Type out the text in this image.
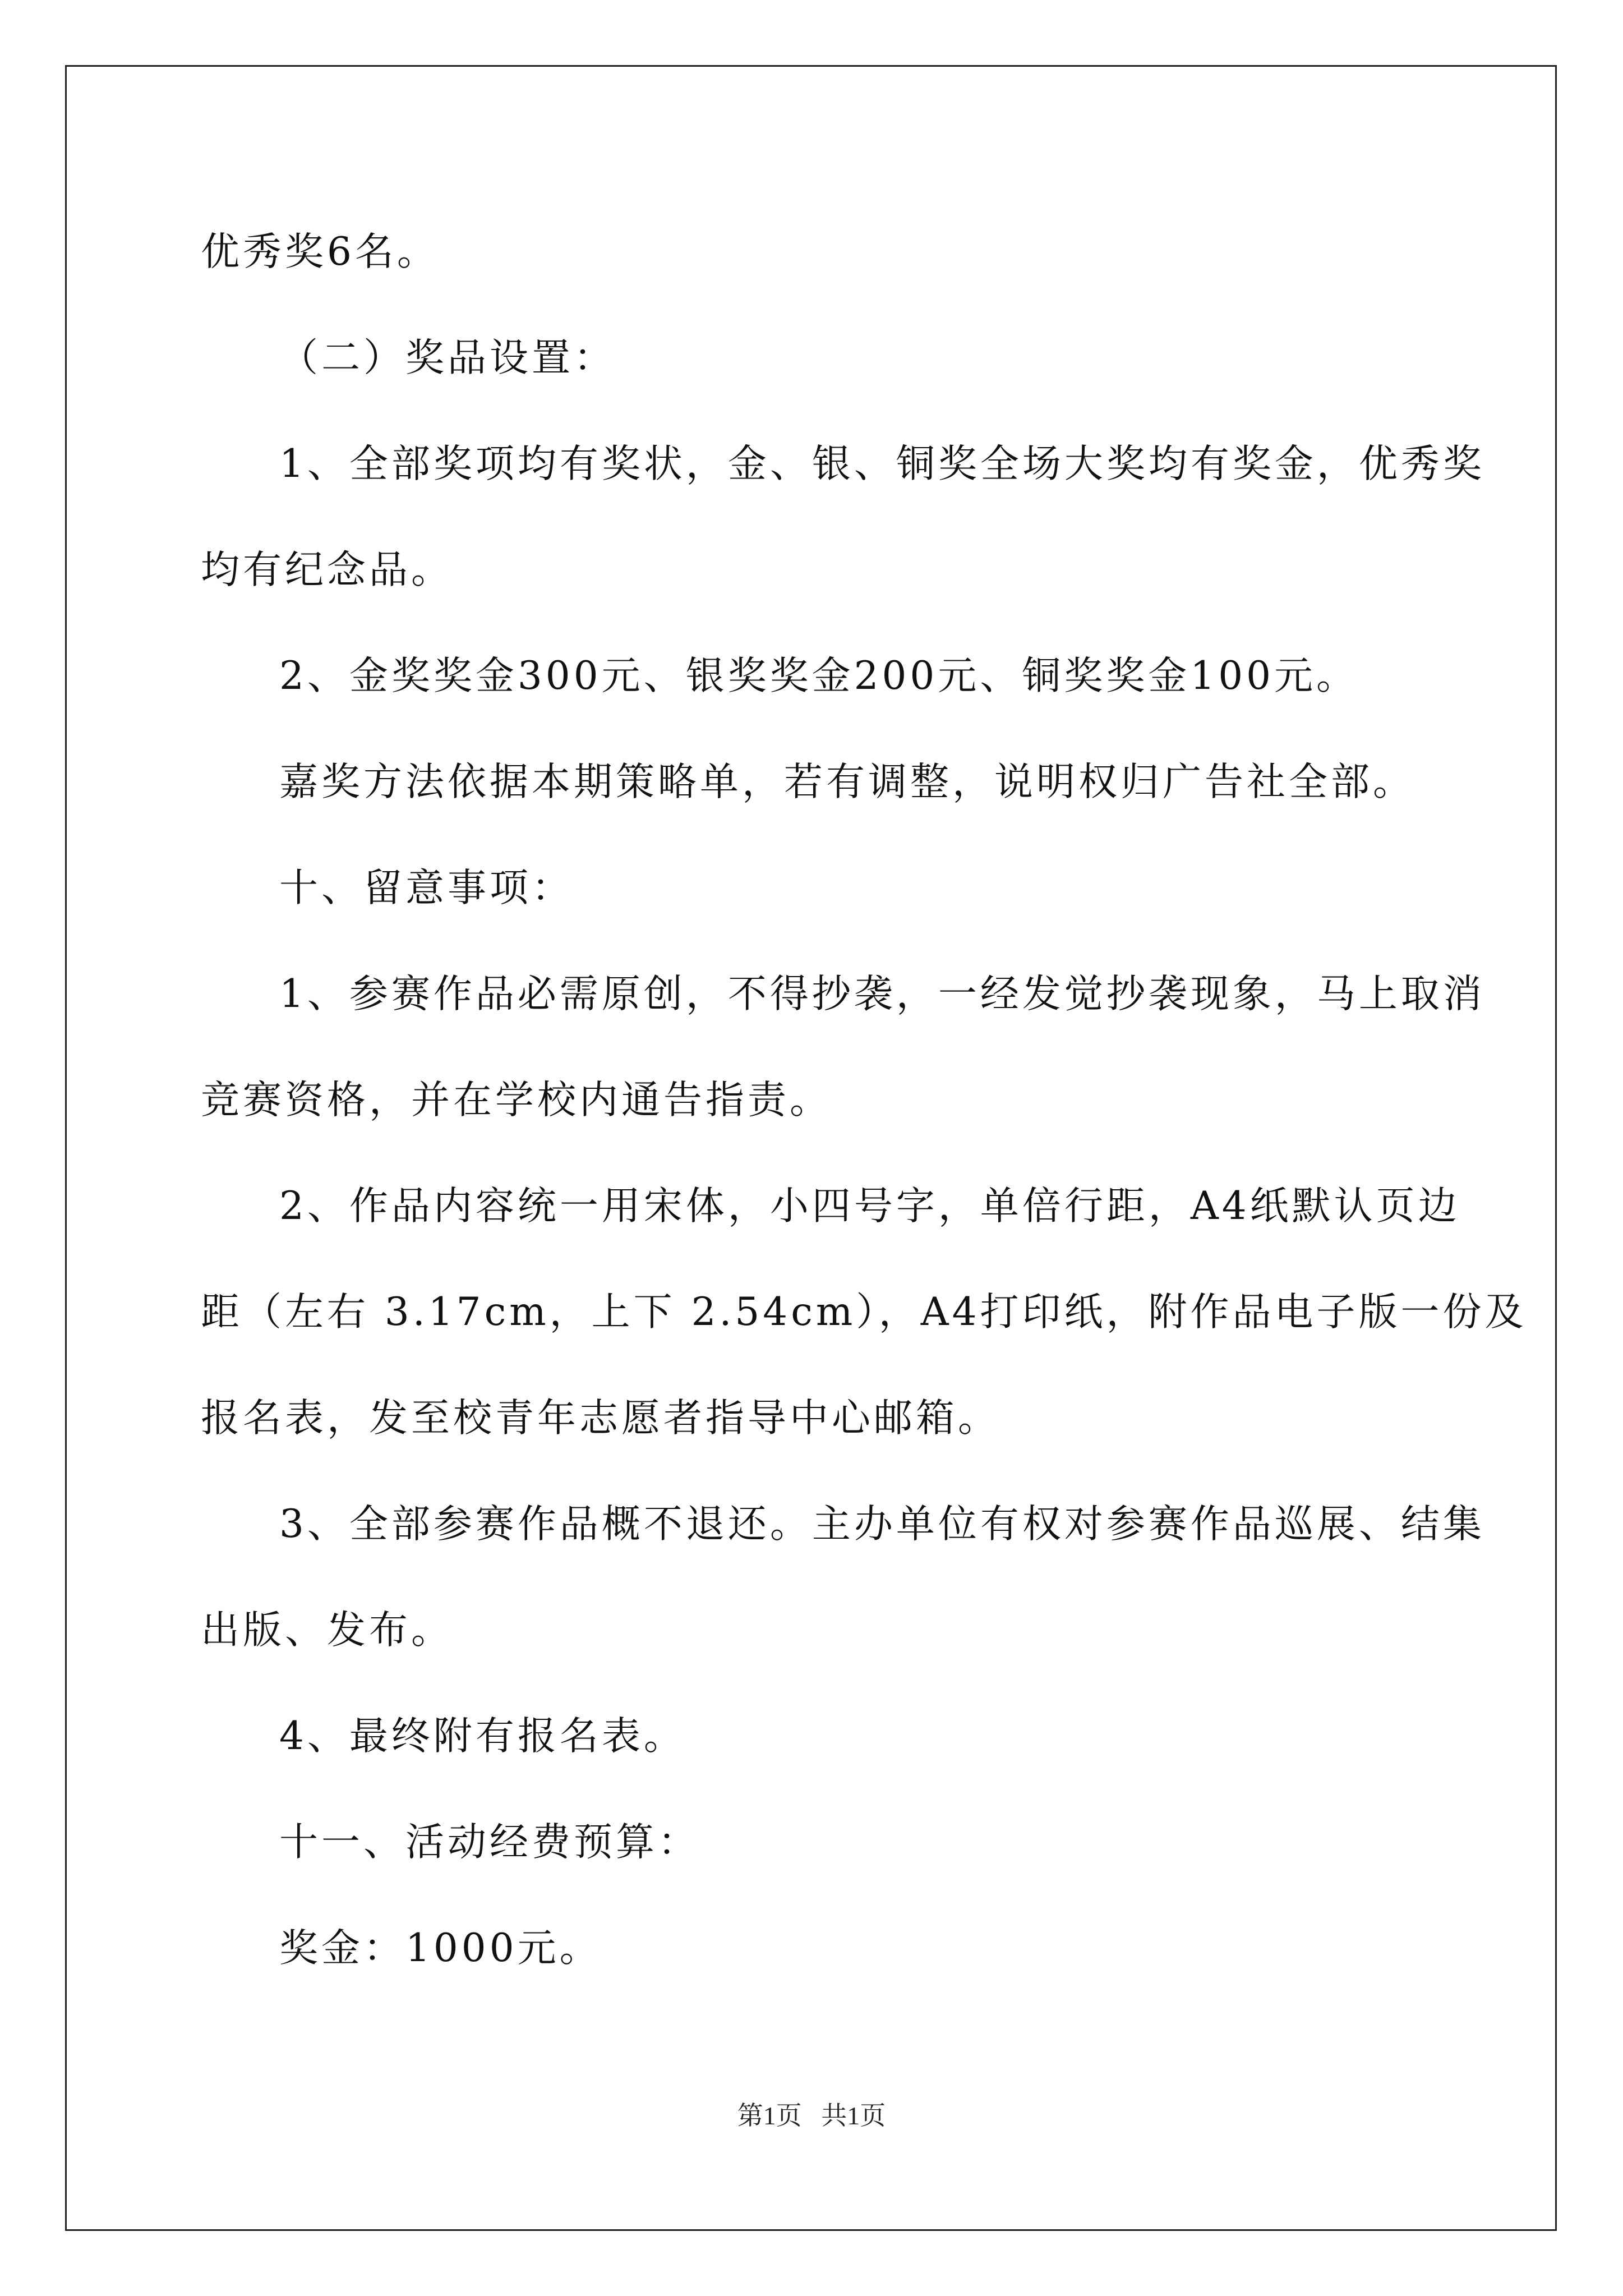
优秀奖6名。
（二）奖品设置：
1、全部奖项均有奖状，金、银、铜奖全场大奖均有奖金，优秀奖
均有纪念品。
2、金奖奖金300元、银奖奖金200元、铜奖奖金100元。
嘉奖方法依据本期策略单，若有调整，说明权归广告社全部。
十、留意事项：
1、参赛作品必需原创，不得抄袭，一经发觉抄袭现象，马上取消
竞赛资格，并在学校内通告指责。
2、作品内容统一用宋体，小四号字，单倍行距，A4纸默认页边
距（左右 3.17cm，上下 2.54cm），A4打印纸，附作品电子版一份及
报名表，发至校青年志愿者指导中心邮箱。
3、全部参赛作品概不退还。主办单位有权对参赛作品巡展、结集
出版、发布。
4、最终附有报名表。
十一、活动经费预算：
奖金：1000元。
第1页   共1页
